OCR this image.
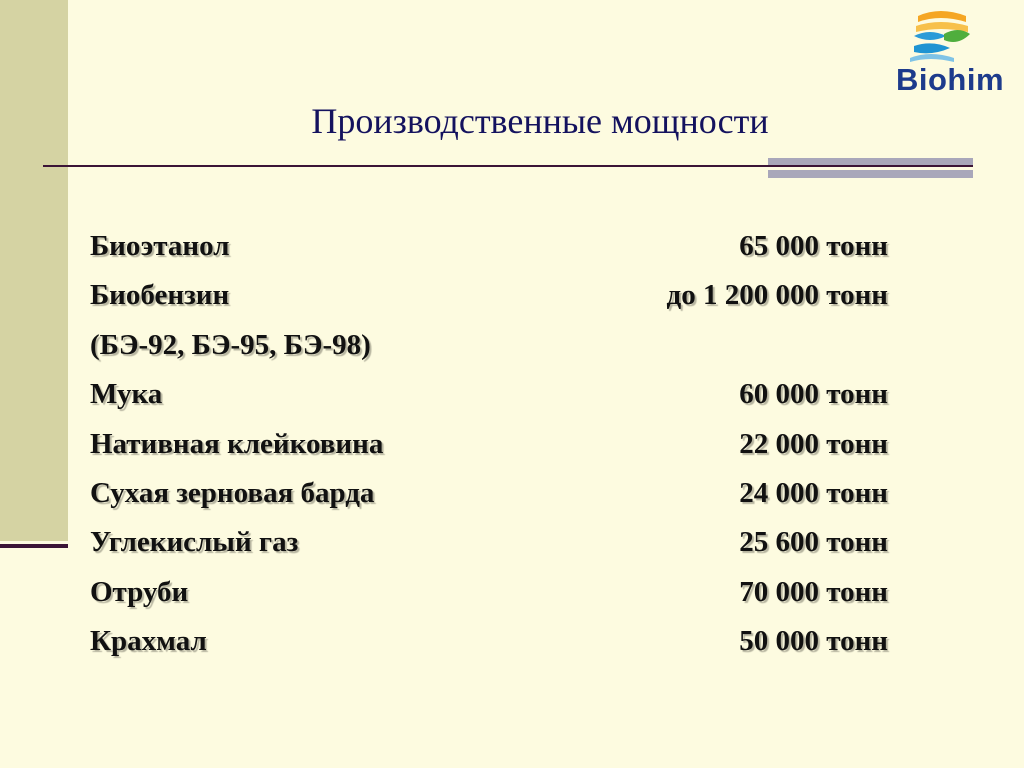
Biohim
Производственные мощности
Биоэтанол	65 000 тонн
Биобензин	до 1 200 000 тонн
(БЭ-92, БЭ-95, БЭ-98)
Мука	60 000 тонн
Нативная клейковина	22 000 тонн
Сухая зерновая барда	24 000 тонн
Углекислый газ	25 600 тонн
Отруби	70 000 тонн
Крахмал	50 000 тонн
